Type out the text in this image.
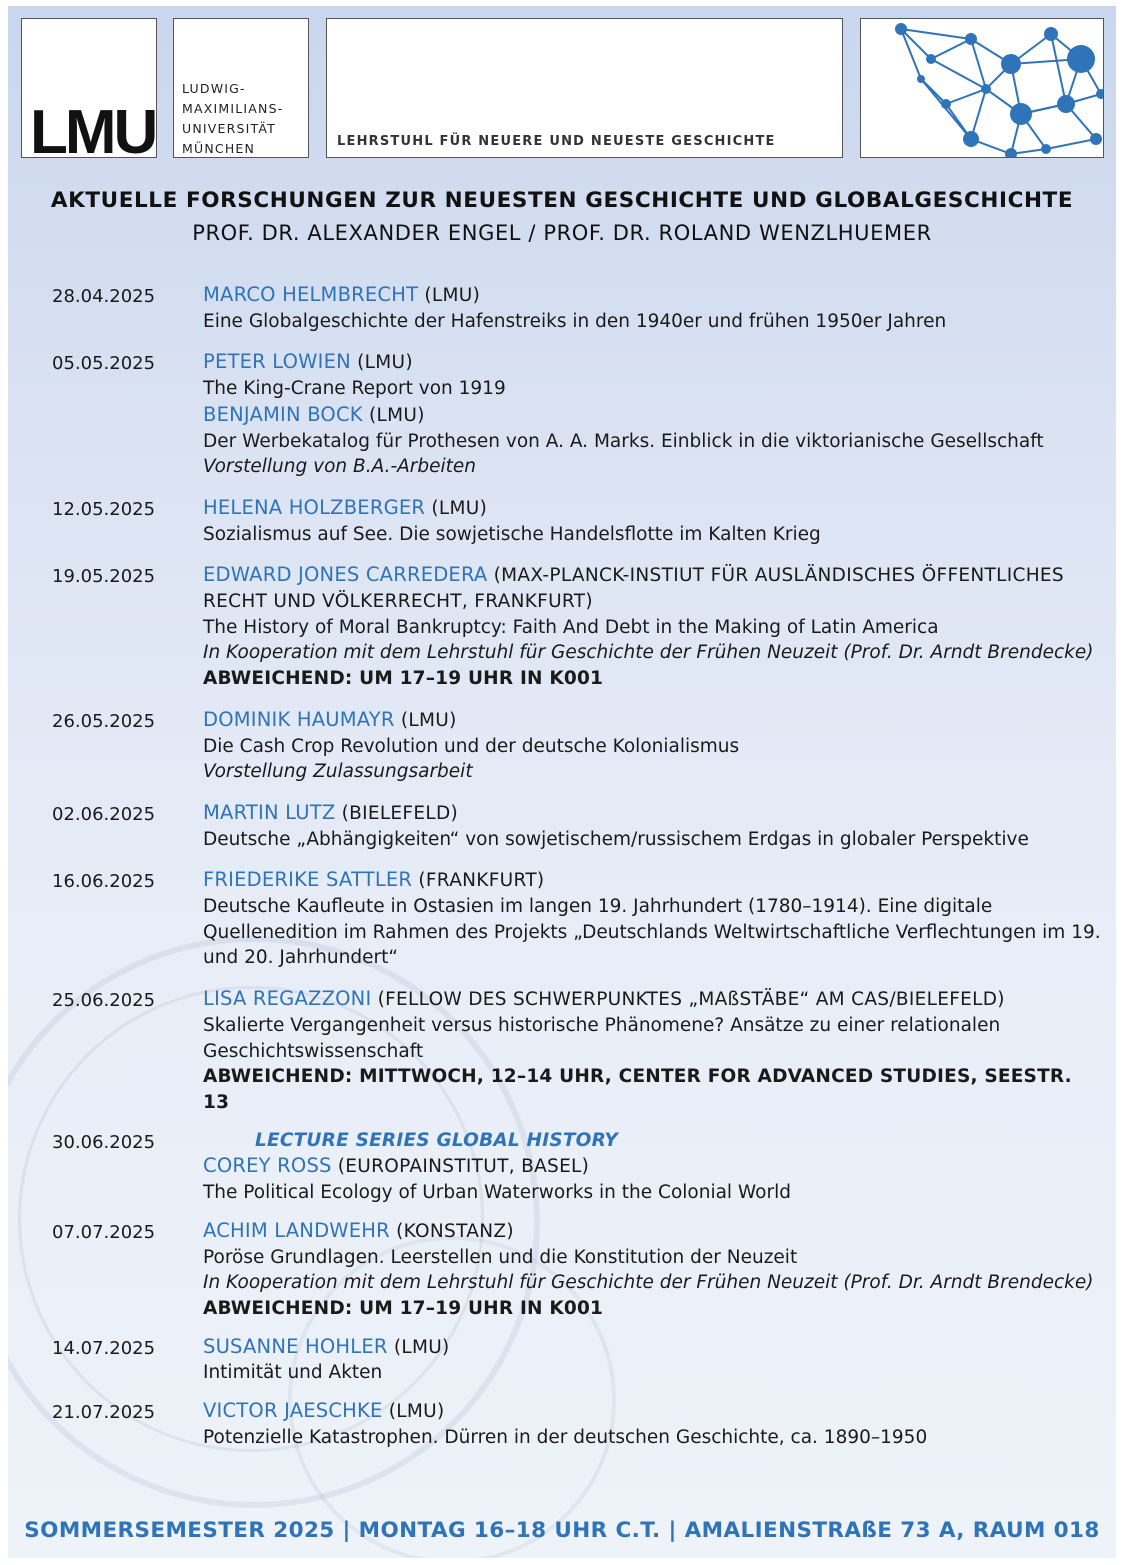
LMU
LUDWIG-
MAXIMILIANS-
UNIVERSITÄT
MÜNCHEN	LEHRSTUHL FÜR NEUERE UND NEUESTE GESCHICHTE
AKTUELLE FORSCHUNGEN ZUR NEUESTEN GESCHICHTE UND GLOBALGESCHICHTE
PROF. DR. ALEXANDER ENGEL / PROF. DR. ROLAND WENZLHUEMER
28.04.2025	MARCO HELMBRECHT (LMU)
Eine Globalgeschichte der Hafenstreiks in den 1940er und frühen 1950er Jahren
05.05.2025	PETER LOWIEN (LMU)
The King-Crane Report von 1919
BENJAMIN BOCK (LMU)
Der Werbekatalog für Prothesen von A. A. Marks. Einblick in die viktorianische Gesellschaft
Vorstellung von B.A.-Arbeiten
12.05.2025	HELENA HOLZBERGER (LMU)
Sozialismus auf See. Die sowjetische Handelsflotte im Kalten Krieg
19.05.2025	EDWARD JONES CARREDERA (MAX-PLANCK-INSTIUT FÜR AUSLÄNDISCHES ÖFFENTLICHES RECHT UND VÖLKERRECHT, FRANKFURT)
The History of Moral Bankruptcy: Faith And Debt in the Making of Latin America
In Kooperation mit dem Lehrstuhl für Geschichte der Frühen Neuzeit (Prof. Dr. Arndt Brendecke)
ABWEICHEND: UM 17–19 UHR IN K001
26.05.2025	DOMINIK HAUMAYR (LMU)
Die Cash Crop Revolution und der deutsche Kolonialismus
Vorstellung Zulassungsarbeit
02.06.2025	MARTIN LUTZ (BIELEFELD)
Deutsche „Abhängigkeiten“ von sowjetischem/russischem Erdgas in globaler Perspektive
16.06.2025	FRIEDERIKE SATTLER (FRANKFURT)
Deutsche Kaufleute in Ostasien im langen 19. Jahrhundert (1780–1914). Eine digitale Quellenedition im Rahmen des Projekts „Deutschlands Weltwirtschaftliche Verflechtungen im 19. und 20. Jahrhundert“
25.06.2025	LISA REGAZZONI (FELLOW DES SCHWERPUNKTES „MAßSTÄBE“ AM CAS/BIELEFELD)
Skalierte Vergangenheit versus historische Phänomene? Ansätze zu einer relationalen Geschichtswissenschaft
ABWEICHEND: MITTWOCH, 12–14 UHR, CENTER FOR ADVANCED STUDIES, SEESTR. 13
30.06.2025	LECTURE SERIES GLOBAL HISTORY
COREY ROSS (EUROPAINSTITUT, BASEL)
The Political Ecology of Urban Waterworks in the Colonial World
07.07.2025	ACHIM LANDWEHR (KONSTANZ)
Poröse Grundlagen. Leerstellen und die Konstitution der Neuzeit
In Kooperation mit dem Lehrstuhl für Geschichte der Frühen Neuzeit (Prof. Dr. Arndt Brendecke)
ABWEICHEND: UM 17–19 UHR IN K001
14.07.2025	SUSANNE HOHLER (LMU)
Intimität und Akten
21.07.2025	VICTOR JAESCHKE (LMU)
Potenzielle Katastrophen. Dürren in der deutschen Geschichte, ca. 1890–1950
SOMMERSEMESTER 2025 | MONTAG 16–18 UHR C.T. | AMALIENSTRAßE 73 A, RAUM 018
